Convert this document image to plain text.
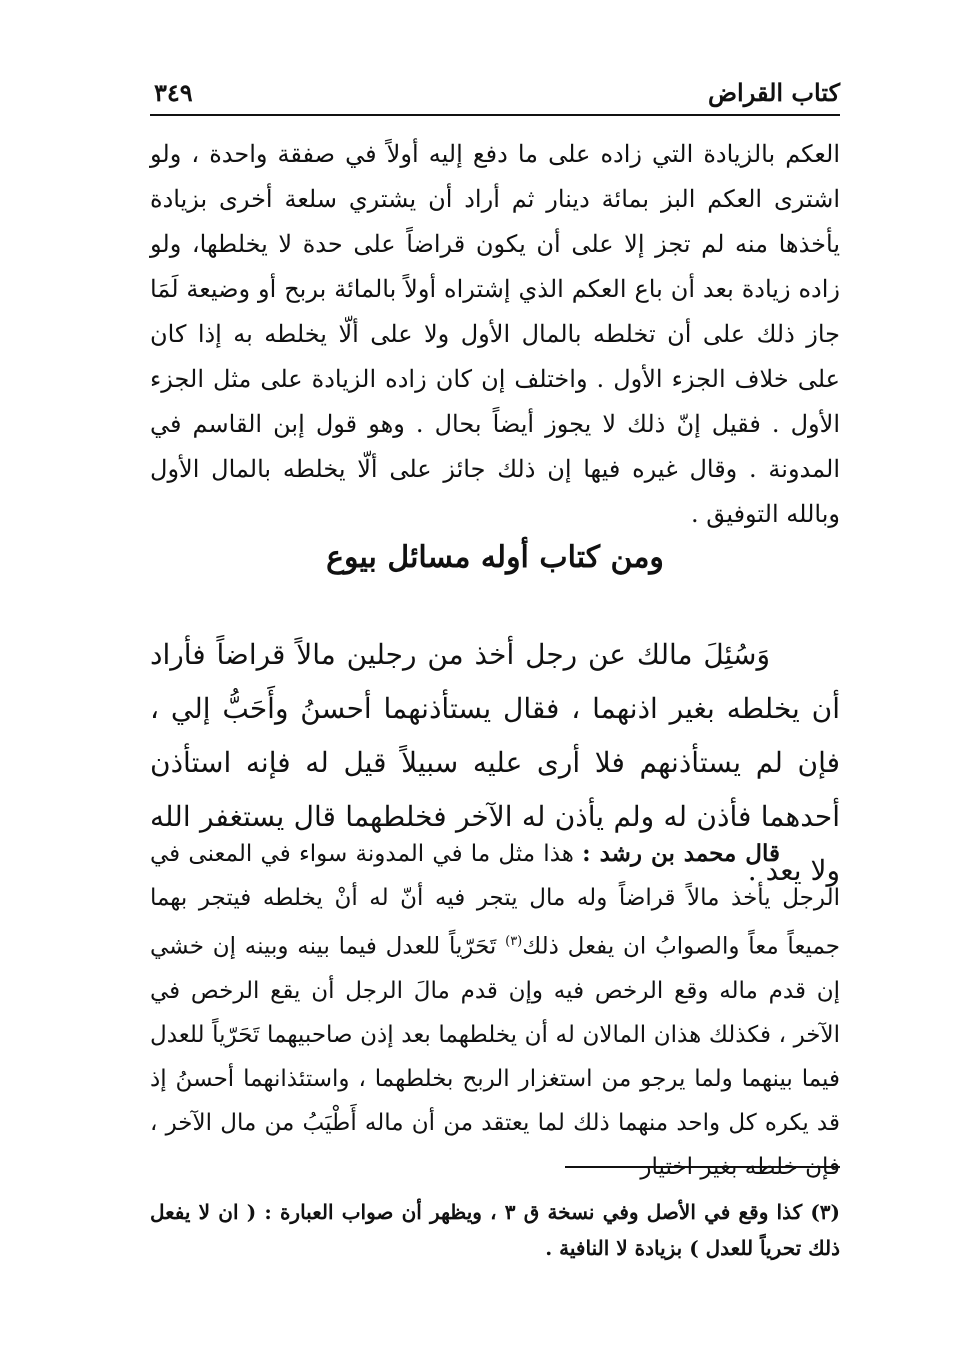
كتاب القراض
٣٤٩

العكم بالزيادة التي زاده على ما دفع إليه أولاً في صفقة واحدة ، ولو اشترى العكم البز بمائة دينار ثم أراد أن يشتري سلعة أخرى بزيادة يأخذها منه لم تجز إلا على أن يكون قراضاً على حدة لا يخلطها، ولو زاده زيادة بعد أن باع العكم الذي إشتراه أولاً بالمائة بربح أو وضيعة لَمَا جاز ذلك على أن تخلطه بالمال الأول ولا على ألّا يخلطه به إذا كان على خلاف الجزء الأول . واختلف إن كان زاده الزيادة على مثل الجزء الأول . فقيل إنّ ذلك لا يجوز أيضاً بحال . وهو قول إبن القاسم في المدونة . وقال غيره فيها إن ذلك جائز على ألّا يخلطه بالمال الأول وبالله التوفيق .

ومن كتاب أوله مسائل بيوع

وَسُئِلَ مالك عن رجل أخذ من رجلين مالاً قراضاً فأراد أن يخلطه بغير اذنهما ، فقال يستأذنهما أحسنُ وأَحَبُّ إلي ، فإن لم يستأذنهم فلا أرى عليه سبيلاً قيل له فإنه استأذن أحدهما فأذن له ولم يأذن له الآخر فخلطهما قال يستغفر الله ولا يعد .

قال محمد بن رشد : هذا مثل ما في المدونة سواء في المعنى في الرجل يأخذ مالاً قراضاً وله مال يتجر فيه أنّ له أنْ يخلطه فيتجر بهما جميعاً معاً والصوابُ ان يفعل ذلك$^{(٣)}$ تَحَرّياً للعدل فيما بينه وبينه إن خشي إن قدم ماله وقع الرخص فيه وإن قدم مالَ الرجل أن يقع الرخص في الآخر ، فكذلك هذان المالان له أن يخلطهما بعد إذن صاحبيهما تَحَرّياً للعدل فيما بينهما ولما يرجو من استغزار الربح بخلطهما ، واستئذانهما أحسنُ إذ قد يكره كل واحد منهما ذلك لما يعتقد من أن ماله أَطْيَبُ من مال الآخر ، فإن خلطه بغير اختيار

(٣) كذا وقع في الأصل وفي نسخة ق ٣ ، ويظهر أن صواب العبارة : ( ان لا يفعل ذلك تحرياً للعدل ) بزيادة لا النافية .
